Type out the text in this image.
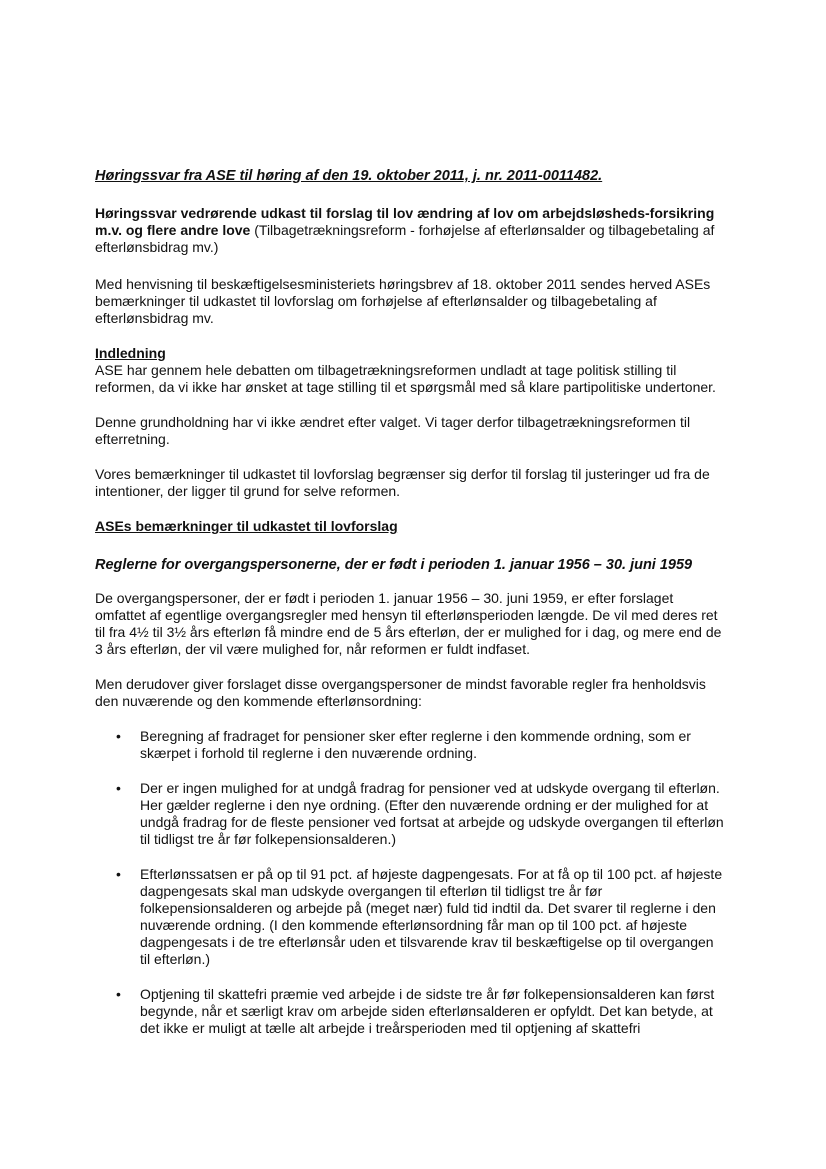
Høringssvar fra ASE til høring af den 19. oktober 2011, j. nr. 2011-0011482.
Høringssvar vedrørende udkast til forslag til lov ændring af lov om arbejdsløsheds-forsikring m.v. og flere andre love (Tilbagetrækningsreform - forhøjelse af efterlønsalder og tilbagebetaling af efterlønsbidrag mv.)

Med henvisning til beskæftigelsesministeriets høringsbrev af 18. oktober 2011 sendes herved ASEs bemærkninger til udkastet til lovforslag om forhøjelse af efterlønsalder og tilbagebetaling af efterlønsbidrag mv.

Indledning

ASE har gennem hele debatten om tilbagetrækningsreformen undladt at tage politisk stilling til reformen, da vi ikke har ønsket at tage stilling til et spørgsmål med så klare partipolitiske undertoner.

Denne grundholdning har vi ikke ændret efter valget. Vi tager derfor tilbagetrækningsreformen til efterretning.

Vores bemærkninger til udkastet til lovforslag begrænser sig derfor til forslag til justeringer ud fra de intentioner, der ligger til grund for selve reformen.

ASEs bemærkninger til udkastet til lovforslag
Reglerne for overgangspersonerne, der er født i perioden 1. januar 1956 – 30. juni 1959

De overgangspersoner, der er født i perioden 1. januar 1956 – 30. juni 1959, er efter forslaget omfattet af egentlige overgangsregler med hensyn til efterlønsperioden længde. De vil med deres ret til fra 4½ til 3½ års efterløn få mindre end de 5 års efterløn, der er mulighed for i dag, og mere end de 3 års efterløn, der vil være mulighed for, når reformen er fuldt indfaset.

Men derudover giver forslaget disse overgangspersoner de mindst favorable regler fra henholdsvis den nuværende og den kommende efterlønsordning:

• Beregning af fradraget for pensioner sker efter reglerne i den kommende ordning, som er skærpet i forhold til reglerne i den nuværende ordning.
• Der er ingen mulighed for at undgå fradrag for pensioner ved at udskyde overgang til efterløn. Her gælder reglerne i den nye ordning. (Efter den nuværende ordning er der mulighed for at undgå fradrag for de fleste pensioner ved fortsat at arbejde og udskyde overgangen til efterløn til tidligst tre år før folkepensionsalderen.)
• Efterlønssatsen er på op til 91 pct. af højeste dagpengesats. For at få op til 100 pct. af højeste dagpengesats skal man udskyde overgangen til efterløn til tidligst tre år før folkepensionsalderen og arbejde på (meget nær) fuld tid indtil da. Det svarer til reglerne i den nuværende ordning. (I den kommende efterlønsordning får man op til 100 pct. af højeste dagpengesats i de tre efterlønsår uden et tilsvarende krav til beskæftigelse op til overgangen til efterløn.)
• Optjening til skattefri præmie ved arbejde i de sidste tre år før folkepensionsalderen kan først begynde, når et særligt krav om arbejde siden efterlønsalderen er opfyldt. Det kan betyde, at det ikke er muligt at tælle alt arbejde i treårsperioden med til optjening af skattefri
